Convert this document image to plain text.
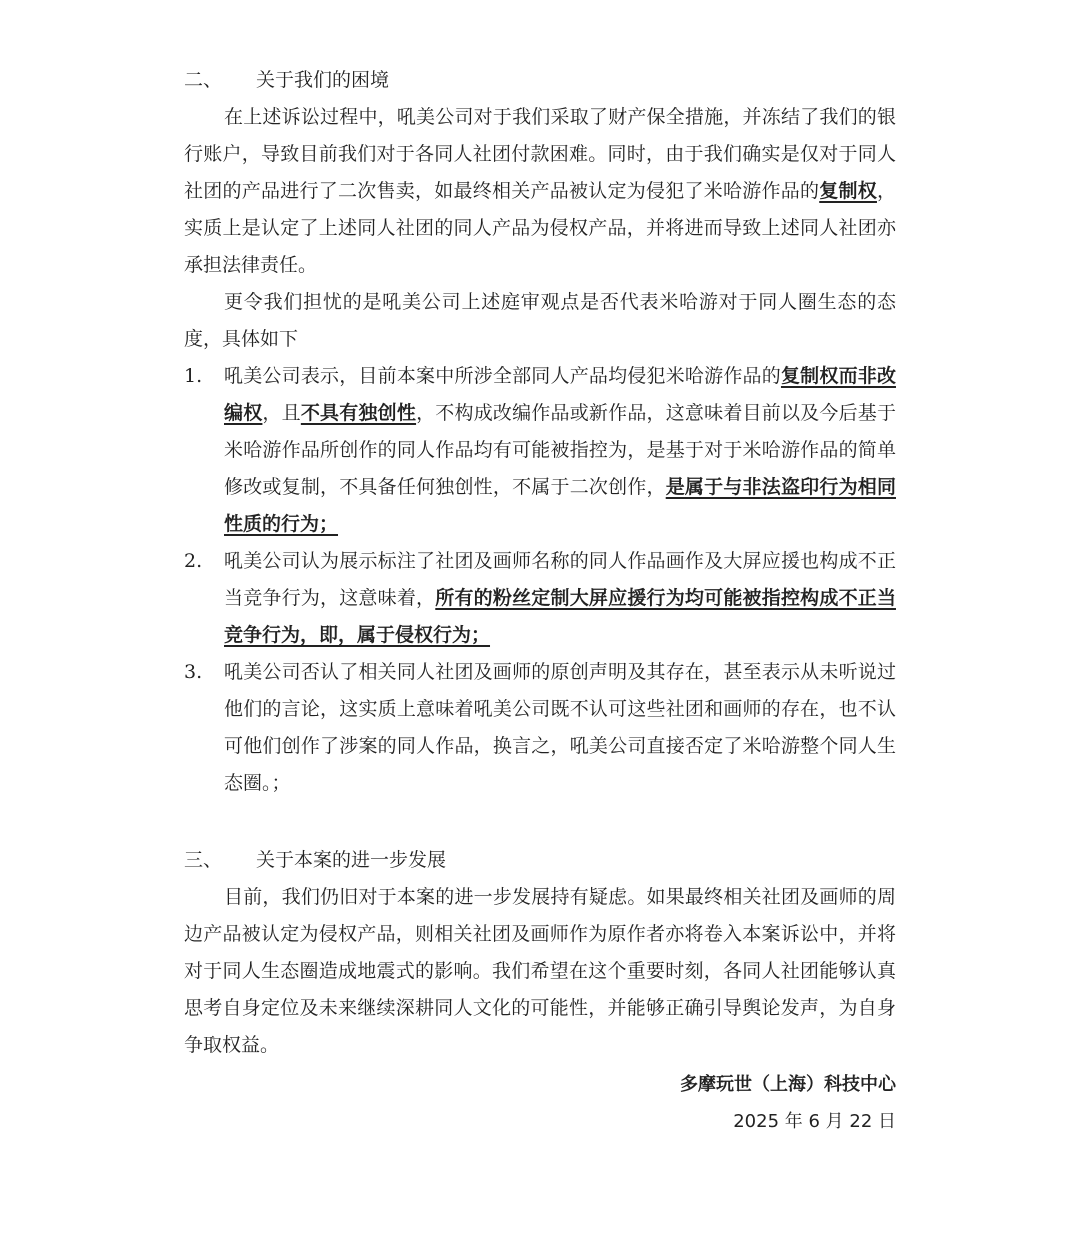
二、	关于我们的困境
在上述诉讼过程中，吼美公司对于我们采取了财产保全措施，并冻结了我们的银行账户，导致目前我们对于各同人社团付款困难。同时，由于我们确实是仅对于同人社团的产品进行了二次售卖，如最终相关产品被认定为侵犯了米哈游作品的复制权，实质上是认定了上述同人社团的同人产品为侵权产品，并将进而导致上述同人社团亦承担法律责任。
更令我们担忧的是吼美公司上述庭审观点是否代表米哈游对于同人圈生态的态度，具体如下
1.	吼美公司表示，目前本案中所涉全部同人产品均侵犯米哈游作品的复制权而非改编权，且不具有独创性，不构成改编作品或新作品，这意味着目前以及今后基于米哈游作品所创作的同人作品均有可能被指控为，是基于对于米哈游作品的简单修改或复制，不具备任何独创性，不属于二次创作，是属于与非法盗印行为相同性质的行为；
2.	吼美公司认为展示标注了社团及画师名称的同人作品画作及大屏应援也构成不正当竞争行为，这意味着，所有的粉丝定制大屏应援行为均可能被指控构成不正当竞争行为，即，属于侵权行为；
3.	吼美公司否认了相关同人社团及画师的原创声明及其存在，甚至表示从未听说过他们的言论，这实质上意味着吼美公司既不认可这些社团和画师的存在，也不认可他们创作了涉案的同人作品，换言之，吼美公司直接否定了米哈游整个同人生态圈。；
三、	关于本案的进一步发展
目前，我们仍旧对于本案的进一步发展持有疑虑。如果最终相关社团及画师的周边产品被认定为侵权产品，则相关社团及画师作为原作者亦将卷入本案诉讼中，并将对于同人生态圈造成地震式的影响。我们希望在这个重要时刻，各同人社团能够认真思考自身定位及未来继续深耕同人文化的可能性，并能够正确引导舆论发声，为自身争取权益。
多摩玩世（上海）科技中心
2025 年 6 月 22 日
